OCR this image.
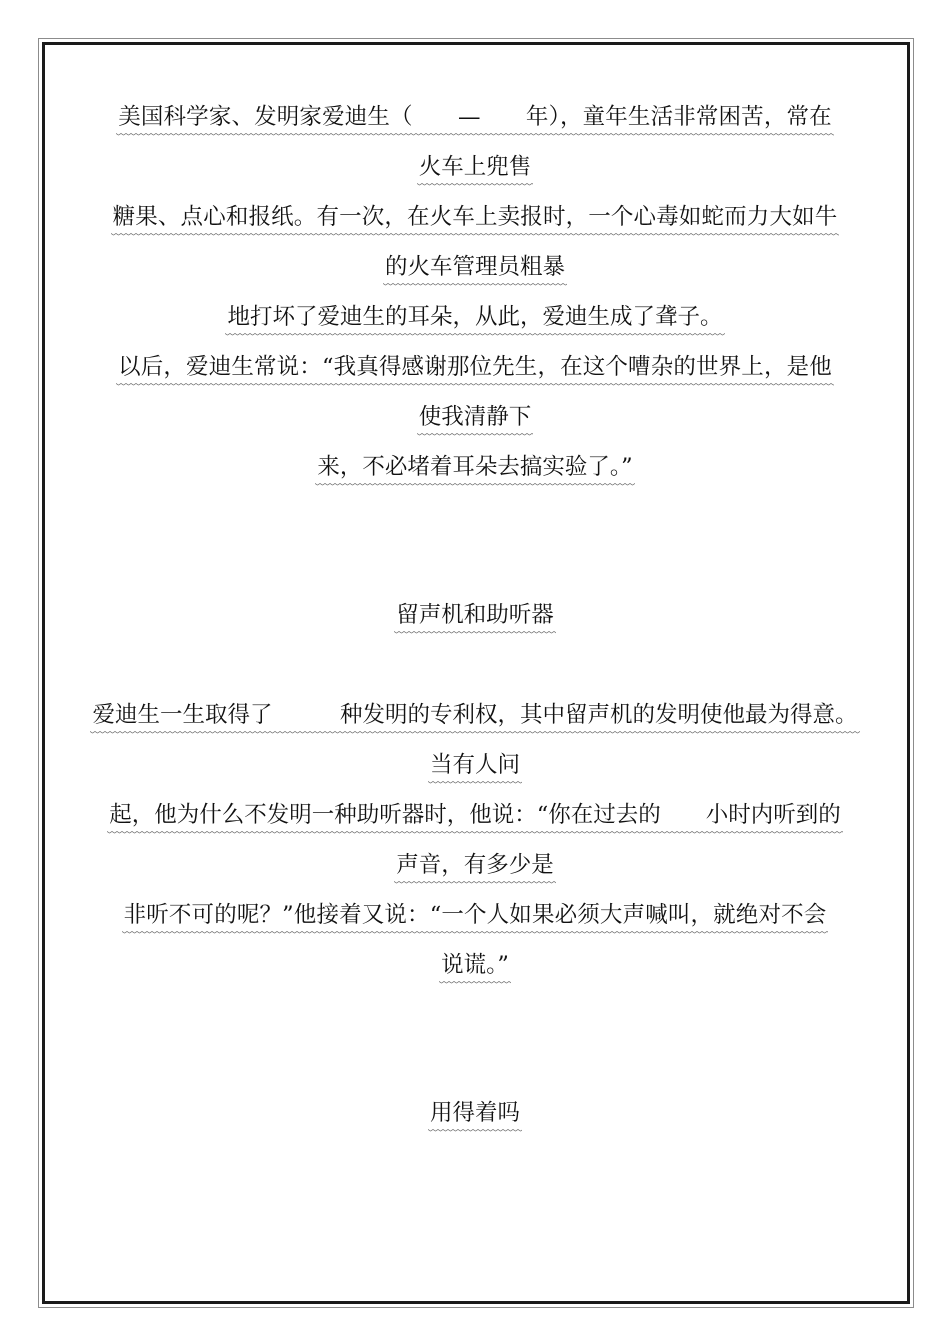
美国科学家、发明家爱迪生（　　—　　年），童年生活非常困苦，常在
火车上兜售
糖果、点心和报纸。有一次，在火车上卖报时，一个心毒如蛇而力大如牛
的火车管理员粗暴
地打坏了爱迪生的耳朵，从此，爱迪生成了聋子。
以后，爱迪生常说：“我真得感谢那位先生，在这个嘈杂的世界上，是他
使我清静下
来，不必堵着耳朵去搞实验了。”
留声机和助听器
爱迪生一生取得了　　　种发明的专利权，其中留声机的发明使他最为得意。
当有人问
起，他为什么不发明一种助听器时，他说：“你在过去的　　小时内听到的
声音，有多少是
非听不可的呢？”他接着又说：“一个人如果必须大声喊叫，就绝对不会
说谎。”
用得着吗
